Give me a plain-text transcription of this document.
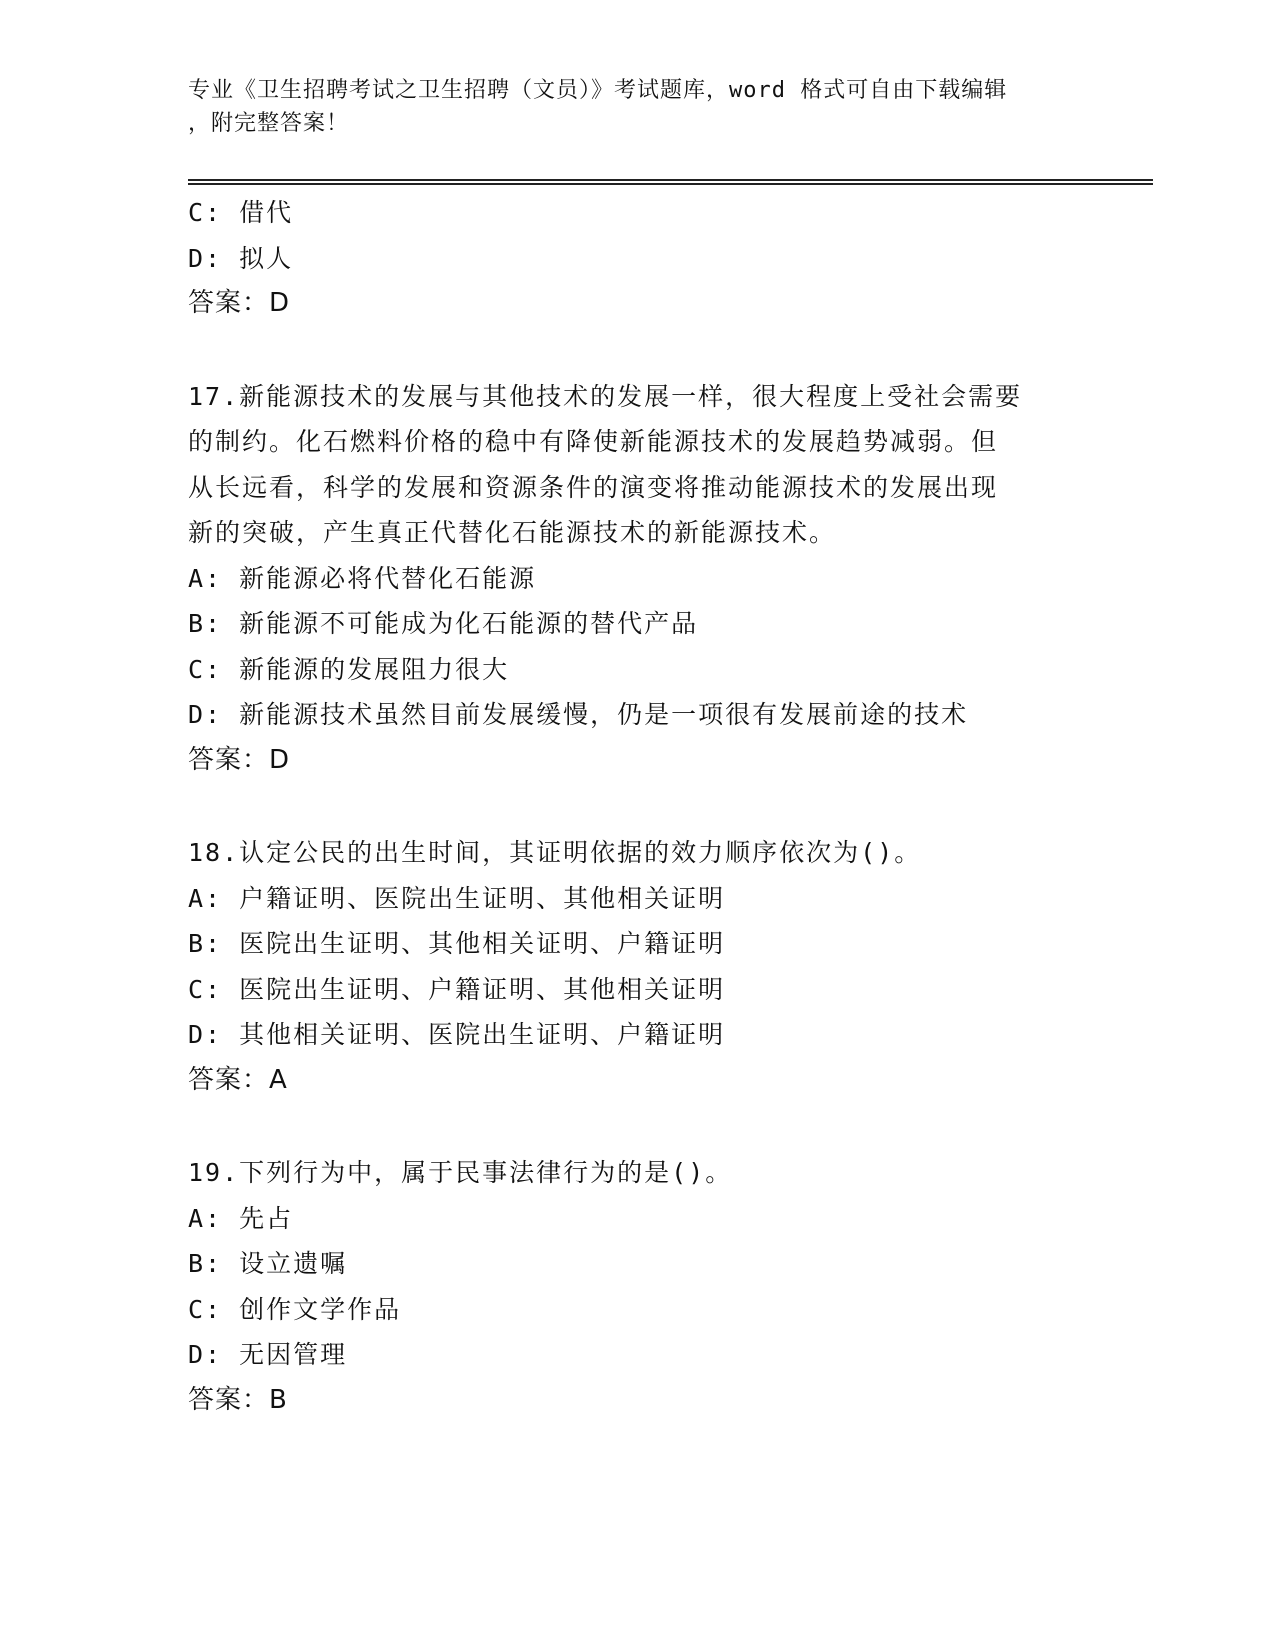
专业《卫生招聘考试之卫生招聘（文员）》考试题库，word 格式可自由下载编辑
，附完整答案！
C: 借代
D: 拟人
答案：D
17.新能源技术的发展与其他技术的发展一样，很大程度上受社会需要
的制约。化石燃料价格的稳中有降使新能源技术的发展趋势减弱。但
从长远看，科学的发展和资源条件的演变将推动能源技术的发展出现
新的突破，产生真正代替化石能源技术的新能源技术。
A: 新能源必将代替化石能源
B: 新能源不可能成为化石能源的替代产品
C: 新能源的发展阻力很大
D: 新能源技术虽然目前发展缓慢，仍是一项很有发展前途的技术
答案：D
18.认定公民的出生时间，其证明依据的效力顺序依次为()。
A: 户籍证明、医院出生证明、其他相关证明
B: 医院出生证明、其他相关证明、户籍证明
C: 医院出生证明、户籍证明、其他相关证明
D: 其他相关证明、医院出生证明、户籍证明
答案：A
19.下列行为中，属于民事法律行为的是()。
A: 先占
B: 设立遗嘱
C: 创作文学作品
D: 无因管理
答案：B
